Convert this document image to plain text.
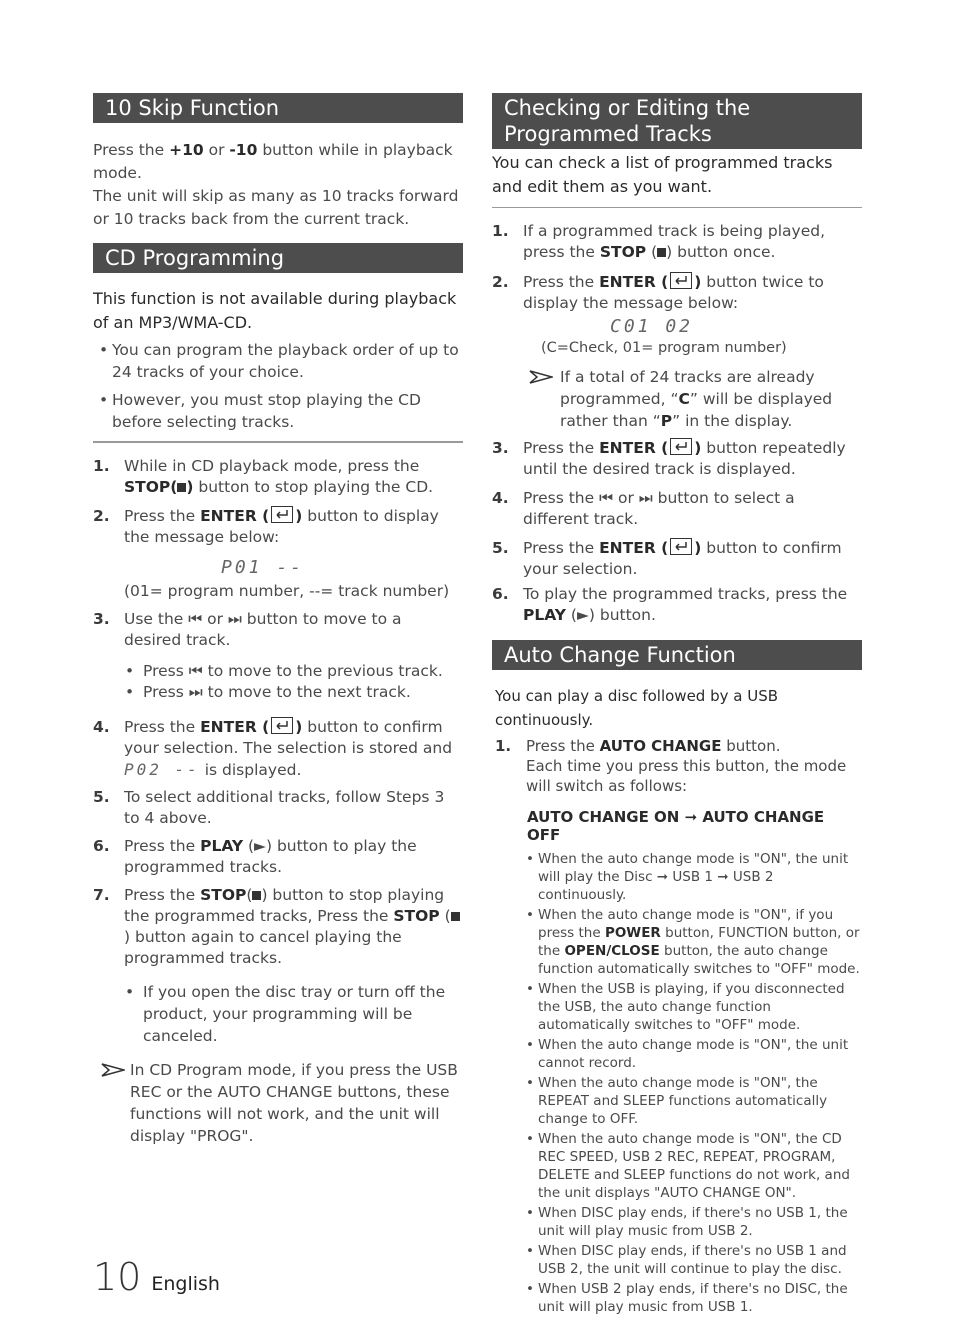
10 Skip Function
Press the +10 or -10 button while in playback mode.
The unit will skip as many as 10 tracks forward or 10 tracks back from the current track.
CD Programming
This function is not available during playback of an MP3/WMA-CD.
• You can program the playback order of up to 24 tracks of your choice.
• However, you must stop playing the CD before selecting tracks.
1. While in CD playback mode, press the STOP( ) button to stop playing the CD.
2. Press the ENTER ( ) button to display the message below:
P01 --
(01= program number, --= track number)
3. Use the ⏮ or ⏭ button to move to a desired track.
• Press ⏮ to move to the previous track.
• Press ⏭ to move to the next track.
4. Press the ENTER ( ) button to confirm your selection. The selection is stored and
P02 -- is displayed.
5. To select additional tracks, follow Steps 3 to 4 above.
6. Press the PLAY (►) button to play the programmed tracks.
7. Press the STOP( ) button to stop playing the programmed tracks, Press the STOP () button again to cancel playing the programmed tracks.
• If you open the disc tray or turn off the product, your programming will be canceled.
In CD Program mode, if you press the USB REC or the AUTO CHANGE buttons, these functions will not work, and the unit will display "PROG".
Checking or Editing the Programmed Tracks
You can check a list of programmed tracks and edit them as you want.
1. If a programmed track is being played, press the STOP ( ) button once.
2. Press the ENTER ( ) button twice to display the message below:
C01 02
(C=Check, 01= program number)
If a total of 24 tracks are already programmed, “C” will be displayed rather than “P” in the display.
3. Press the ENTER ( ) button repeatedly until the desired track is displayed.
4. Press the ⏮ or ⏭ button to select a different track.
5. Press the ENTER ( ) button to confirm your selection.
6. To play the programmed tracks, press the PLAY (►) button.
Auto Change Function
You can play a disc followed by a USB continuously.
1. Press the AUTO CHANGE button.
Each time you press this button, the mode will switch as follows:
AUTO CHANGE ON ➞ AUTO CHANGE OFF
• When the auto change mode is "ON", the unit will play the Disc ➞ USB 1 ➞ USB 2 continuously.
• When the auto change mode is "ON", if you press the POWER button, FUNCTION button, or the OPEN/CLOSE button, the auto change function automatically switches to "OFF" mode.
• When the USB is playing, if you disconnected the USB, the auto change function automatically switches to "OFF" mode.
• When the auto change mode is "ON", the unit cannot record.
• When the auto change mode is "ON", the REPEAT and SLEEP functions automatically change to OFF.
• When the auto change mode is "ON", the CD REC SPEED, USB 2 REC, REPEAT, PROGRAM, DELETE and SLEEP functions do not work, and the unit displays "AUTO CHANGE ON".
• When DISC play ends, if there's no USB 1, the unit will play music from USB 2.
• When DISC play ends, if there's no USB 1 and USB 2, the unit will continue to play the disc.
• When USB 2 play ends, if there's no DISC, the unit will play music from USB 1.
10 English
